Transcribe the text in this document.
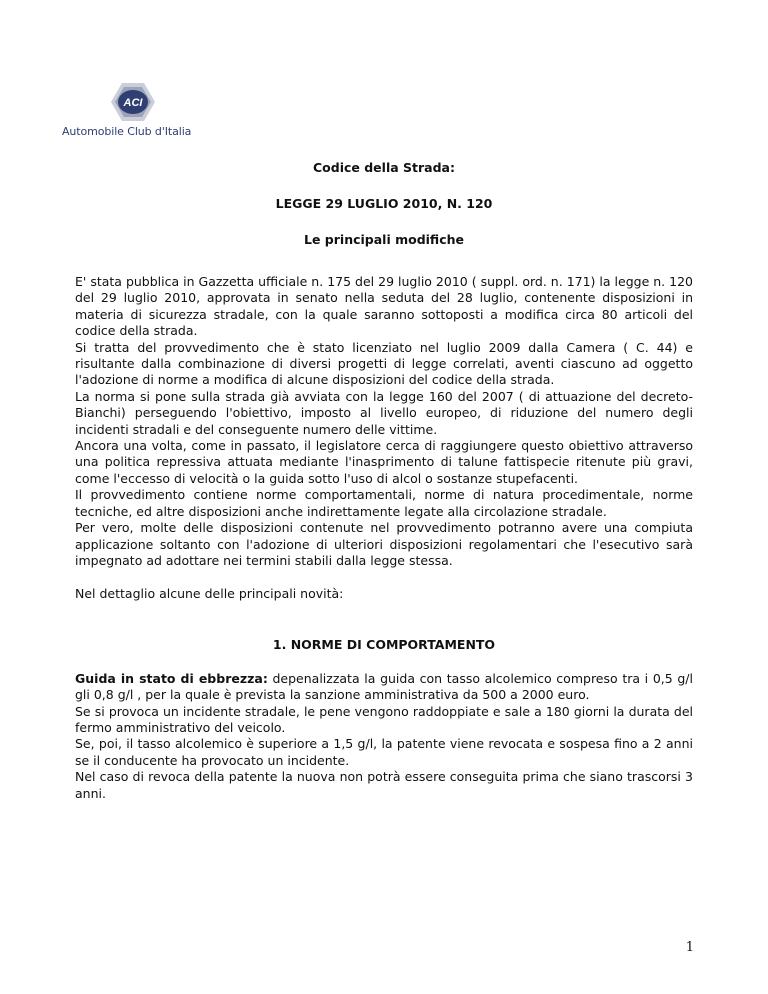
ACI
Automobile Club d'Italia
Codice della Strada:
LEGGE 29 LUGLIO 2010, N. 120
Le principali modifiche

E' stata pubblica in Gazzetta ufficiale n. 175 del 29 luglio 2010 ( suppl. ord. n. 171) la legge n. 120 del 29 luglio 2010, approvata in senato nella seduta del 28 luglio, contenente disposizioni in materia di sicurezza stradale, con la quale saranno sottoposti a modifica circa 80 articoli del codice della strada.

Si tratta del provvedimento che è stato licenziato nel luglio 2009 dalla Camera ( C. 44) e risultante dalla combinazione di diversi progetti di legge correlati, aventi ciascuno ad oggetto l'adozione di norme a modifica di alcune disposizioni del codice della strada.

La norma si pone sulla strada già avviata con la legge 160 del 2007 ( di attuazione del decreto-Bianchi) perseguendo l'obiettivo, imposto al livello europeo, di riduzione del numero degli incidenti stradali e del conseguente numero delle vittime.

Ancora una volta, come in passato, il legislatore cerca di raggiungere questo obiettivo attraverso una politica repressiva attuata mediante l'inasprimento di talune fattispecie ritenute più gravi, come l'eccesso di velocità o la guida sotto l'uso di alcol o sostanze stupefacenti.

Il provvedimento contiene norme comportamentali, norme di natura procedimentale, norme tecniche, ed altre disposizioni anche indirettamente legate alla circolazione stradale.

Per vero, molte delle disposizioni contenute nel provvedimento potranno avere una compiuta applicazione soltanto con l'adozione di ulteriori disposizioni regolamentari che l'esecutivo sarà impegnato ad adottare nei termini stabili dalla legge stessa.

Nel dettaglio alcune delle principali novità:

1. NORME DI COMPORTAMENTO

Guida in stato di ebbrezza: depenalizzata la guida con tasso alcolemico compreso tra i 0,5 g/l gli 0,8 g/l , per la quale è prevista la sanzione amministrativa da 500 a 2000 euro.

Se si provoca un incidente stradale, le pene vengono raddoppiate e sale a 180 giorni la durata del fermo amministrativo del veicolo.

Se, poi, il tasso alcolemico è superiore a 1,5 g/l, la patente viene revocata e sospesa fino a 2 anni se il conducente ha provocato un incidente.

Nel caso di revoca della patente la nuova non potrà essere conseguita prima che siano trascorsi 3 anni.

1
